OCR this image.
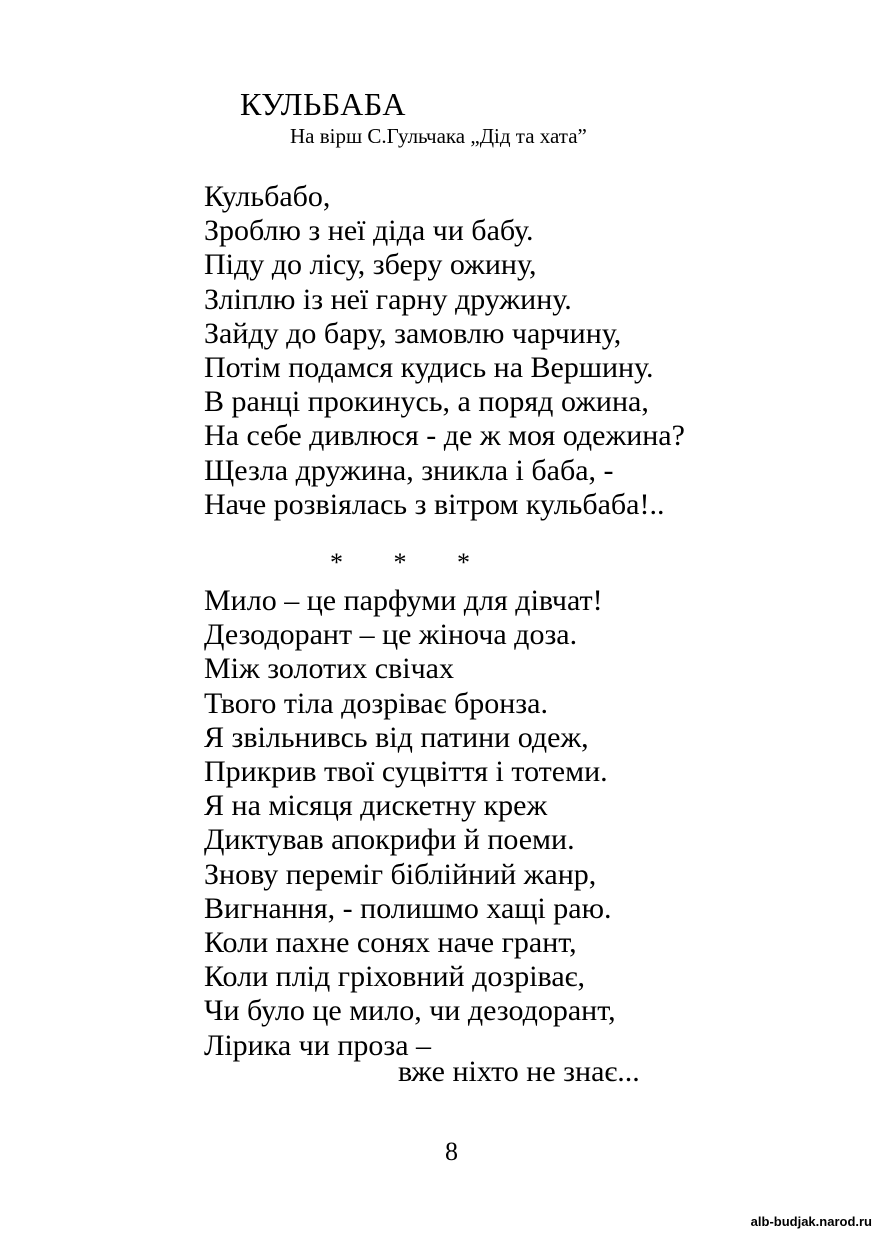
КУЛЬБАБА
На вірш С.Гульчака „Дід та хата”
Кульбабо,
Зроблю з неї діда чи бабу.
Піду до лісу, зберу ожину,
Зліплю із неї гарну дружину.
Зайду до бару, замовлю чарчину,
Потім подамся кудись на Вершину.
В ранці прокинусь, а поряд ожина,
На себе дивлюся - де ж моя одежина?
Щезла дружина, зникла і баба, -
Наче розвіялась з вітром кульбаба!..
* * *
Мило – це парфуми для дівчат!
Дезодорант – це жіноча доза.
Між золотих свічах
Твого тіла дозріває бронза.
Я звільнивсь від патини одеж,
Прикрив твої суцвіття і тотеми.
Я на місяця дискетну креж
Диктував апокрифи й поеми.
Знову переміг біблійний жанр,
Вигнання, - полишмо хащі раю.
Коли пахне сонях наче грант,
Коли плід гріховний дозріває,
Чи було це мило, чи дезодорант,
Лірика чи проза –
вже ніхто не знає...
8
alb-budjak.narod.ru
